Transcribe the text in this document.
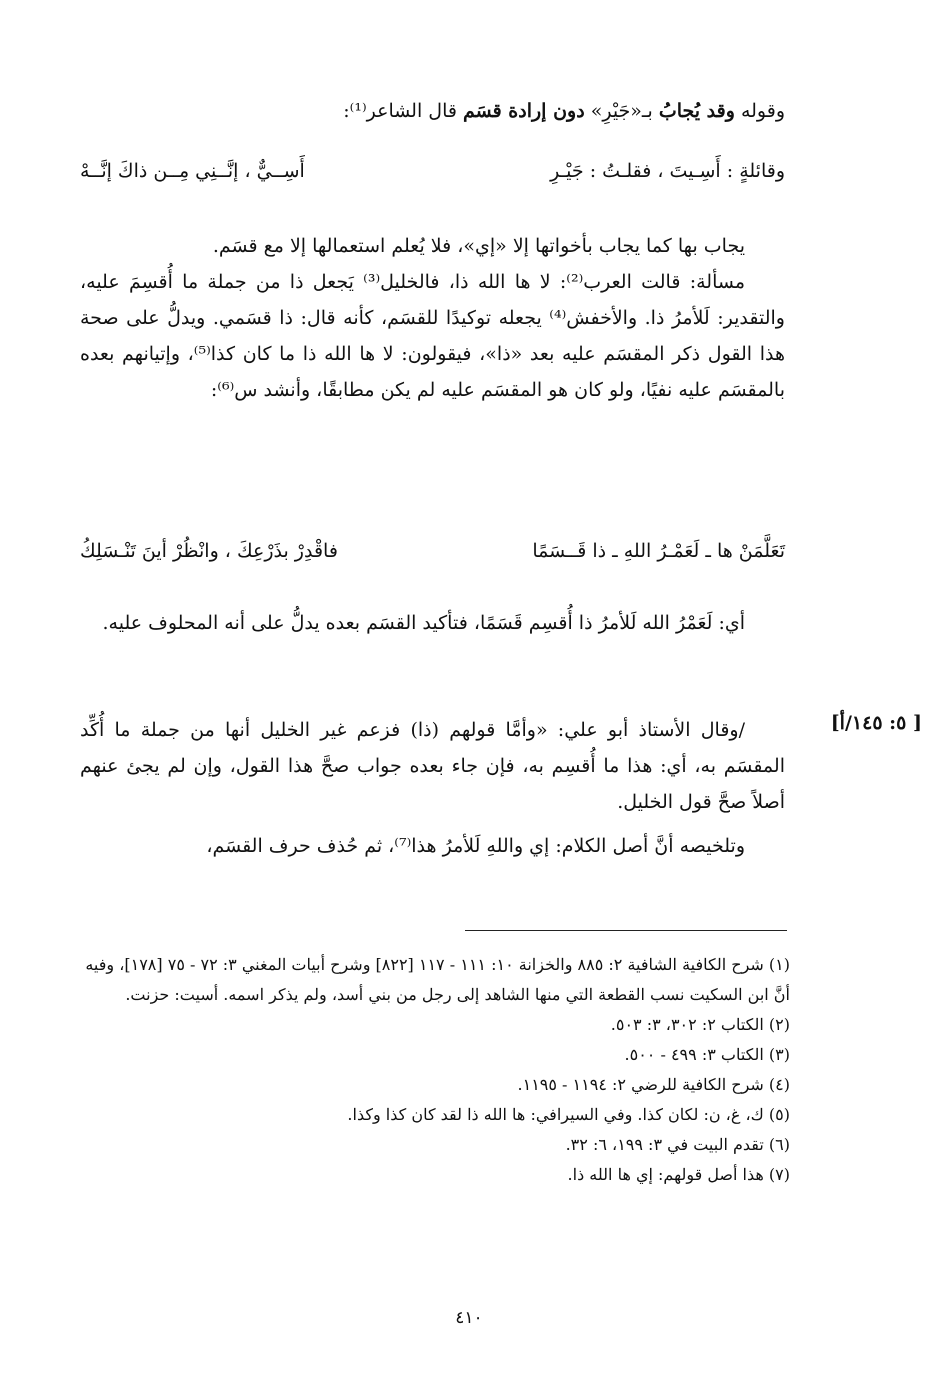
وقوله وقد يُجابُ بـ«جَيْرِ» دون إرادة قسَم قال الشاعر⁽¹⁾:
وقائلةٍ : أَسِـيتَ ، فقلـتُ : جَيْـرِ
أَسِــيٌّ ، إنَّــنِي مِــن ذاكَ إنَّــهْ

يجاب بها كما يجاب بأخواتها إلا «إي»، فلا يُعلم استعمالها إلا مع قسَم.

مسألة: قالت العرب⁽²⁾: لا ها الله ذا، فالخليل⁽³⁾ يَجعل ذا من جملة ما أُقسِمَ عليه، والتقدير: لَلأمرُ ذا. والأخفش⁽⁴⁾ يجعله توكيدًا للقسَم، كأنه قال: ذا قسَمي. ويدلُّ على صحة هذا القول ذكر المقسَم عليه بعد «ذا»، فيقولون: لا ها الله ذا ما كان كذا⁽⁵⁾، وإتيانهم بعده بالمقسَم عليه نفيًا، ولو كان هو المقسَم عليه لم يكن مطابقًا، وأنشد س⁽⁶⁾:

تَعَلَّمَنْ ها ـ لَعَمْـرُ اللهِ ـ ذا قَــسَمًا
فاقْدِرْ بذَرْعِكَ ، وانْظُرْ أينَ تَنْـسَلِكُ

أي: لَعَمْرُ الله لَلأمرُ ذا أُقسِم قَسَمًا، فتأكيد القسَم بعده يدلُّ على أنه المحلوف عليه.

/وقال الأستاذ أبو علي: «وأمَّا قولهم (ذا) فزعم غير الخليل أنها من جملة ما أُكِّد المقسَم به، أي: هذا ما أُقسِم به، فإن جاء بعده جواب صحَّ هذا القول، وإن لم يجئ عنهم أصلاً صحَّ قول الخليل.

وتلخيصه أنَّ أصل الكلام: إي واللهِ لَلأمرُ هذا⁽⁷⁾، ثم حُذف حرف القسَم،

[ ٥: ١٤٥/أ]

(١) شرح الكافية الشافية ٢: ٨٨٥ والخزانة ١٠: ١١١ - ١١٧ [٨٢٢] وشرح أبيات المغني ٣: ٧٢ - ٧٥ [١٧٨]، وفيه أنَّ ابن السكيت نسب القطعة التي منها الشاهد إلى رجل من بني أسد، ولم يذكر اسمه. أسيت: حزنت.

(٢) الكتاب ٢: ٣٠٢، ٣: ٥٠٣.

(٣) الكتاب ٣: ٤٩٩ - ٥٠٠.

(٤) شرح الكافية للرضي ٢: ١١٩٤ - ١١٩٥.

(٥) ك، غ، ن: لكان كذا. وفي السيرافي: ها الله ذا لقد كان كذا وكذا.

(٦) تقدم البيت في ٣: ١٩٩، ٦: ٣٢.

(٧) هذا أصل قولهم: إي ها الله ذا.

٤١٠
